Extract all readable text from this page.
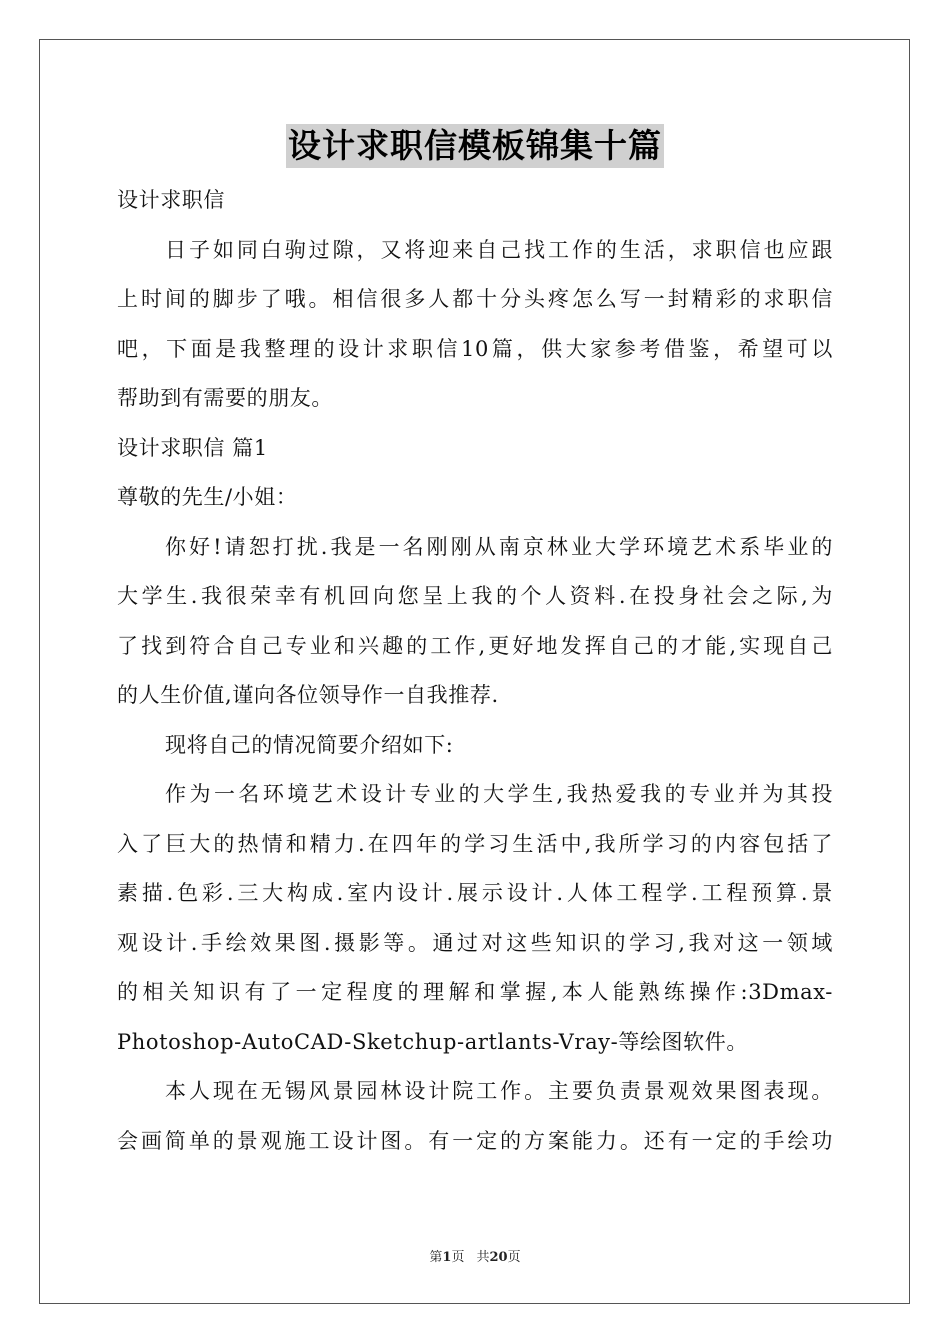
设计求职信模板锦集十篇

设计求职信

日子如同白驹过隙，又将迎来自己找工作的生活，求职信也应跟

上时间的脚步了哦。相信很多人都十分头疼怎么写一封精彩的求职信

吧，下面是我整理的设计求职信10篇，供大家参考借鉴，希望可以

帮助到有需要的朋友。

设计求职信 篇1

尊敬的先生/小姐：

你好!请恕打扰.我是一名刚刚从南京林业大学环境艺术系毕业的

大学生.我很荣幸有机回向您呈上我的个人资料.在投身社会之际,为

了找到符合自己专业和兴趣的工作,更好地发挥自己的才能,实现自己

的人生价值,谨向各位领导作一自我推荐.

现将自己的情况简要介绍如下:

作为一名环境艺术设计专业的大学生,我热爱我的专业并为其投

入了巨大的热情和精力.在四年的学习生活中,我所学习的内容包括了

素描.色彩.三大构成.室内设计.展示设计.人体工程学.工程预算.景

观设计.手绘效果图.摄影等。通过对这些知识的学习,我对这一领域

的相关知识有了一定程度的理解和掌握,本人能熟练操作:3Dmax-

Photoshop-AutoCAD-Sketchup-artlants-Vray-等绘图软件。

本人现在无锡风景园林设计院工作。主要负责景观效果图表现。

会画简单的景观施工设计图。有一定的方案能力。还有一定的手绘功

第1页 共20页
